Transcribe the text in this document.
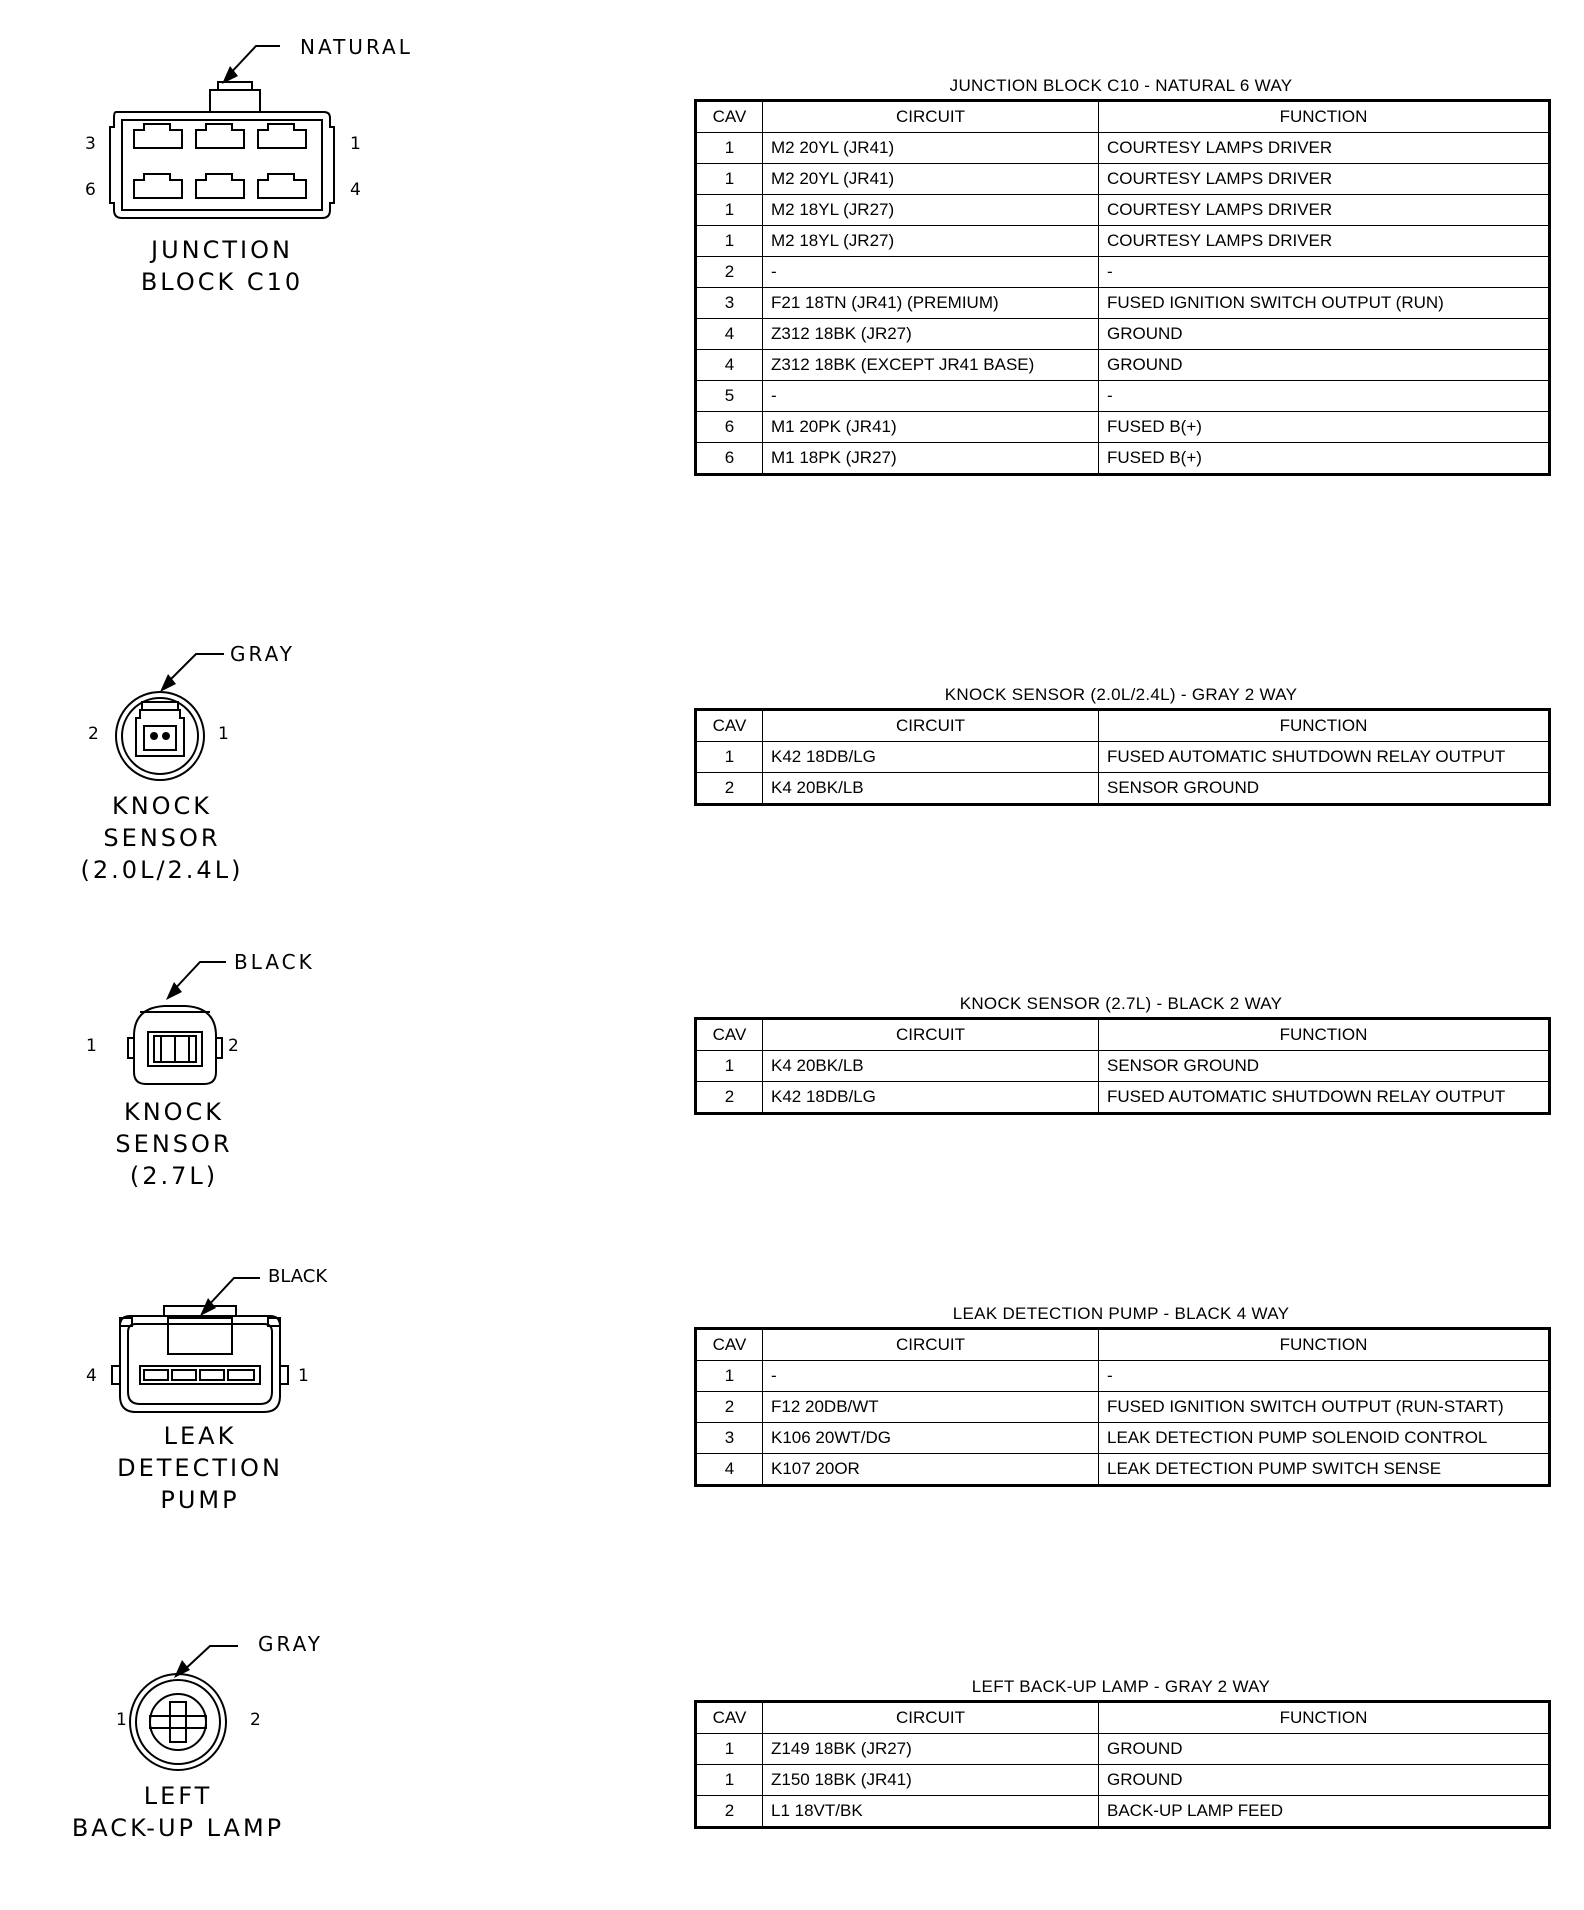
NATURAL
3	1
6	4
JUNCTION
BLOCK C10
GRAY
2	1
KNOCK
SENSOR
(2.0L/2.4L)
BLACK
1	2
KNOCK
SENSOR
(2.7L)
BLACK
4	1
LEAK
DETECTION
PUMP
GRAY
1	2
LEFT
BACK-UP LAMP
JUNCTION BLOCK C10 - NATURAL 6 WAY
CAV	CIRCUIT	FUNCTION
1	M2 20YL (JR41)	COURTESY LAMPS DRIVER
1	M2 20YL (JR41)	COURTESY LAMPS DRIVER
1	M2 18YL (JR27)	COURTESY LAMPS DRIVER
1	M2 18YL (JR27)	COURTESY LAMPS DRIVER
2	-	-
3	F21 18TN (JR41) (PREMIUM)	FUSED IGNITION SWITCH OUTPUT (RUN)
4	Z312 18BK (JR27)	GROUND
4	Z312 18BK (EXCEPT JR41 BASE)	GROUND
5	-	-
6	M1 20PK (JR41)	FUSED B(+)
6	M1 18PK (JR27)	FUSED B(+)
KNOCK SENSOR (2.0L/2.4L) - GRAY 2 WAY
CAV	CIRCUIT	FUNCTION
1	K42 18DB/LG	FUSED AUTOMATIC SHUTDOWN RELAY OUTPUT
2	K4 20BK/LB	SENSOR GROUND
KNOCK SENSOR (2.7L) - BLACK 2 WAY
CAV	CIRCUIT	FUNCTION
1	K4 20BK/LB	SENSOR GROUND
2	K42 18DB/LG	FUSED AUTOMATIC SHUTDOWN RELAY OUTPUT
LEAK DETECTION PUMP - BLACK 4 WAY
CAV	CIRCUIT	FUNCTION
1	-	-
2	F12 20DB/WT	FUSED IGNITION SWITCH OUTPUT (RUN-START)
3	K106 20WT/DG	LEAK DETECTION PUMP SOLENOID CONTROL
4	K107 20OR	LEAK DETECTION PUMP SWITCH SENSE
LEFT BACK-UP LAMP - GRAY 2 WAY
CAV	CIRCUIT	FUNCTION
1	Z149 18BK (JR27)	GROUND
1	Z150 18BK (JR41)	GROUND
2	L1 18VT/BK	BACK-UP LAMP FEED
